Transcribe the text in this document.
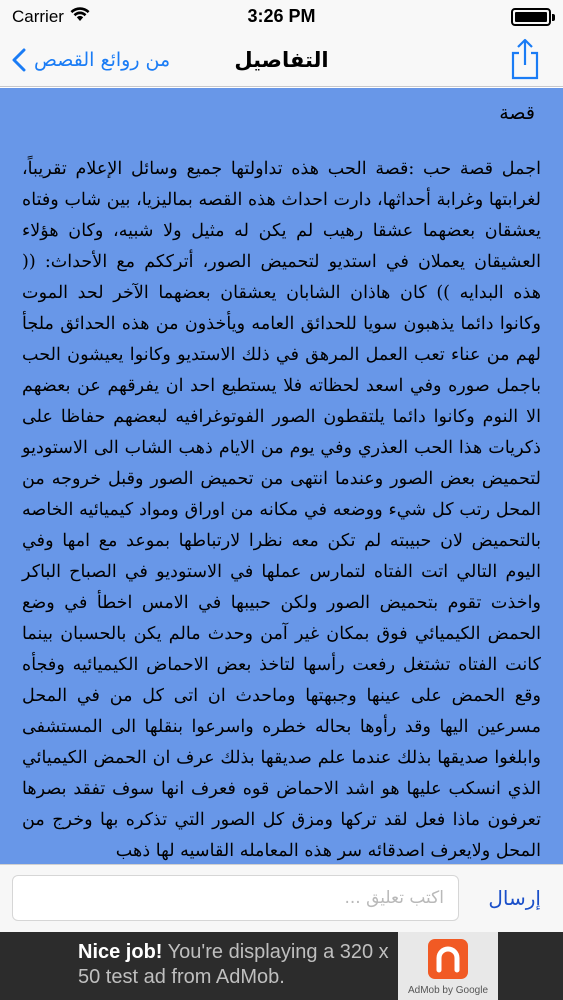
Carrier	3:26 PM
من روائع القصص	التفاصيل
قصة
اجمل قصة حب :قصة الحب هذه تداولتها جميع وسائل الإعلام تقريباً، لغرابتها وغرابة أحداثها، دارت احداث هذه القصه بماليزيا، بين شاب وفتاه يعشقان بعضهما عشقا رهيب لم يكن له مثيل ولا شبيه، وكان هؤلاء العشيقان يعملان في استديو لتحميض الصور، أترككم مع الأحداث: (( هذه البدايه )) كان هاذان الشابان يعشقان بعضهما الآخر لحد الموت وكانوا دائما يذهبون سويا للحدائق العامه ويأخذون من هذه الحدائق ملجأ لهم من عناء تعب العمل المرهق في ذلك الاستديو وكانوا يعيشون الحب باجمل صوره وفي اسعد لحظاته فلا يستطيع احد ان يفرقهم عن بعضهم الا النوم وكانوا دائما يلتقطون الصور الفوتوغرافيه لبعضهم حفاظا على ذكريات هذا الحب العذري وفي يوم من الايام ذهب الشاب الى الاستوديو لتحميض بعض الصور وعندما انتهى من تحميض الصور وقبل خروجه من المحل رتب كل شيء ووضعه في مكانه من اوراق ومواد كيميائيه الخاصه بالتحميض لان حبيبته لم تكن معه نظرا لارتباطها بموعد مع امها وفي اليوم التالي اتت الفتاه لتمارس عملها في الاستوديو في الصباح الباكر واخذت تقوم بتحميض الصور ولكن حبيبها في الامس اخطأ في وضع الحمض الكيميائي فوق بمكان غير آمن وحدث مالم يكن بالحسبان بينما كانت الفتاه تشتغل رفعت رأسها لتاخذ بعض الاحماض الكيميائيه وفجأه وقع الحمض على عينها وجبهتها وماحدث ان اتى كل من في المحل مسرعين اليها وقد رأوها بحاله خطره واسرعوا بنقلها الى المستشفى وابلغوا صديقها بذلك عندما علم صديقها بذلك عرف ان الحمض الكيميائي الذي انسكب عليها هو اشد الاحماض قوه فعرف انها سوف تفقد بصرها تعرفون ماذا فعل لقد تركها ومزق كل الصور التي تذكره بها وخرج من المحل ولايعرف اصدقائه سر هذه المعامله القاسيه لها ذهب
اكتب تعليق ...
إرسال
Nice job! You're displaying a 320 x 50 test ad from AdMob.
AdMob by Google
